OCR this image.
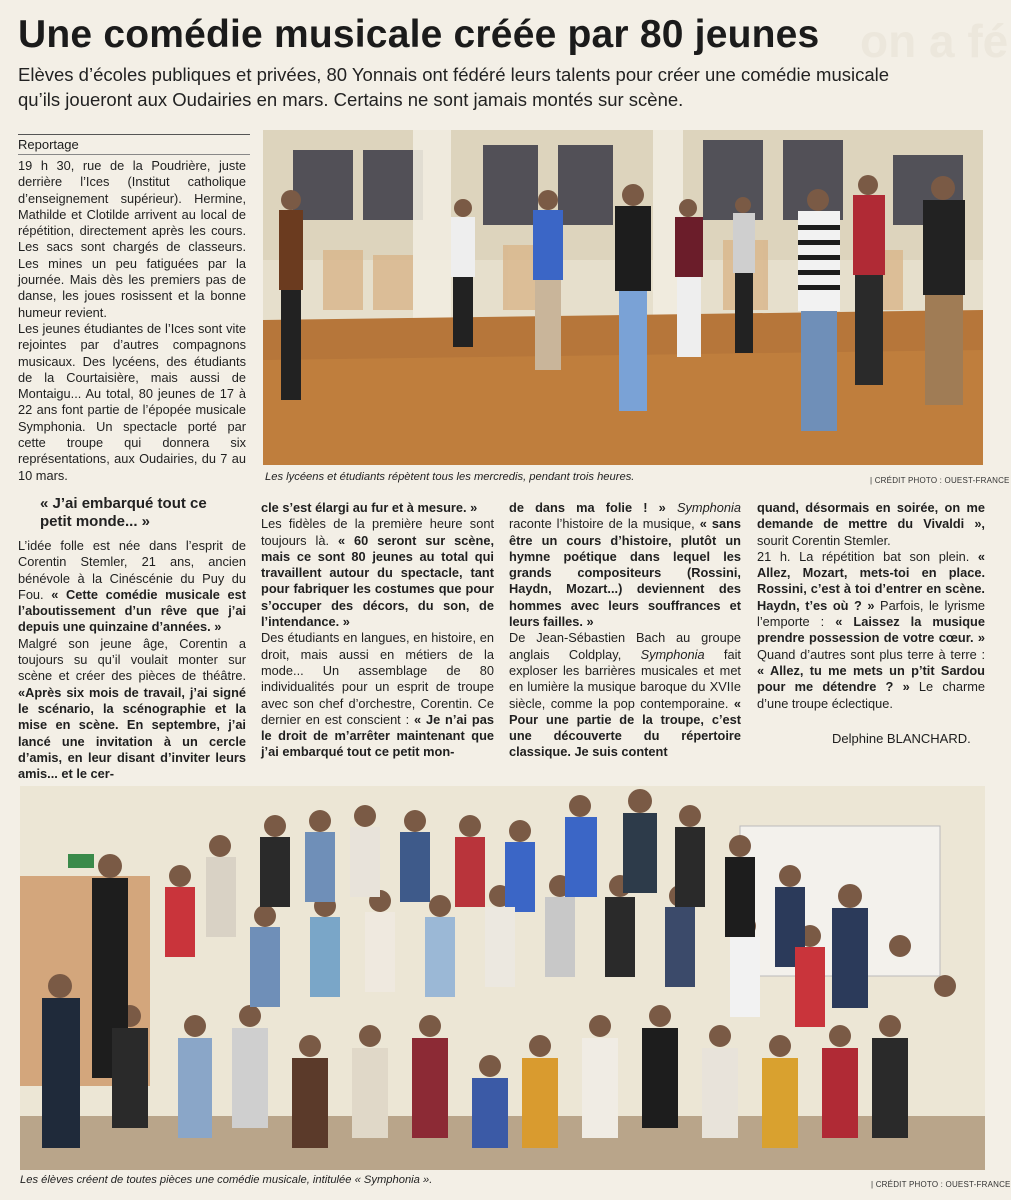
on a fé
Une comédie musicale créée par 80 jeunes

Elèves d’écoles publiques et privées, 80 Yonnais ont fédéré leurs talents pour créer une comédie musicale qu’ils joueront aux Oudairies en mars. Certains ne sont jamais montés sur scène.

Reportage

19 h 30, rue de la Poudrière, juste derrière l’Ices (Institut catholique d’enseignement supérieur). Hermine, Mathilde et Clotilde arrivent au local de répétition, directement après les cours. Les sacs sont chargés de classeurs. Les mines un peu fatiguées par la journée. Mais dès les premiers pas de danse, les joues rosissent et la bonne humeur revient.

Les jeunes étudiantes de l’Ices sont vite rejointes par d’autres compagnons musicaux. Des lycéens, des étudiants de la Courtaisière, mais aussi de Montaigu... Au total, 80 jeunes de 17 à 22 ans font partie de l’épopée musicale Symphonia. Un spectacle porté par cette troupe qui donnera six représentations, aux Oudairies, du 7 au 10 mars.	Les lycéens et étudiants répètent tous les mercredis, pendant trois heures.	| CRÉDIT PHOTO : OUEST-FRANCE
« J’ai embarqué tout ce petit monde... »

L’idée folle est née dans l’esprit de Corentin Stemler, 21 ans, ancien bénévole à la Cinéscénie du Puy du Fou. « Cette comédie musicale est l’aboutissement d’un rêve que j’ai depuis une quinzaine d’années. »

Malgré son jeune âge, Corentin a toujours su qu’il voulait monter sur scène et créer des pièces de théâtre. «Après six mois de travail, j’ai signé le scénario, la scénographie et la mise en scène. En septembre, j’ai lancé une invitation à un cercle d’amis, en leur disant d’inviter leurs amis... et le cer-

cle s’est élargi au fur et à mesure. »

Les fidèles de la première heure sont toujours là. « 60 seront sur scène, mais ce sont 80 jeunes au total qui travaillent autour du spectacle, tant pour fabriquer les costumes que pour s’occuper des décors, du son, de l’intendance. »

Des étudiants en langues, en histoire, en droit, mais aussi en métiers de la mode... Un assemblage de 80 individualités pour un esprit de troupe avec son chef d’orchestre, Corentin. Ce dernier en est conscient : « Je n’ai pas le droit de m’arrêter maintenant que j’ai embarqué tout ce petit mon-

de dans ma folie ! » Symphonia raconte l’histoire de la musique, « sans être un cours d’histoire, plutôt un hymne poétique dans lequel les grands compositeurs (Rossini, Haydn, Mozart...) deviennent des hommes avec leurs souffrances et leurs failles. »

De Jean-Sébastien Bach au groupe anglais Coldplay, Symphonia fait exploser les barrières musicales et met en lumière la musique baroque du XVIIe siècle, comme la pop contemporaine. « Pour une partie de la troupe, c’est une découverte du répertoire classique. Je suis content

quand, désormais en soirée, on me demande de mettre du Vivaldi », sourit Corentin Stemler.

21 h. La répétition bat son plein. « Allez, Mozart, mets-toi en place. Rossini, c’est à toi d’entrer en scène. Haydn, t’es où ? » Parfois, le lyrisme l’emporte : « Laissez la musique prendre possession de votre cœur. » Quand d’autres sont plus terre à terre : « Allez, tu me mets un p’tit Sardou pour me détendre ? » Le charme d’une troupe éclectique.

Delphine BLANCHARD.
Les élèves créent de toutes pièces une comédie musicale, intitulée « Symphonia ».	| CRÉDIT PHOTO : OUEST-FRANCE
